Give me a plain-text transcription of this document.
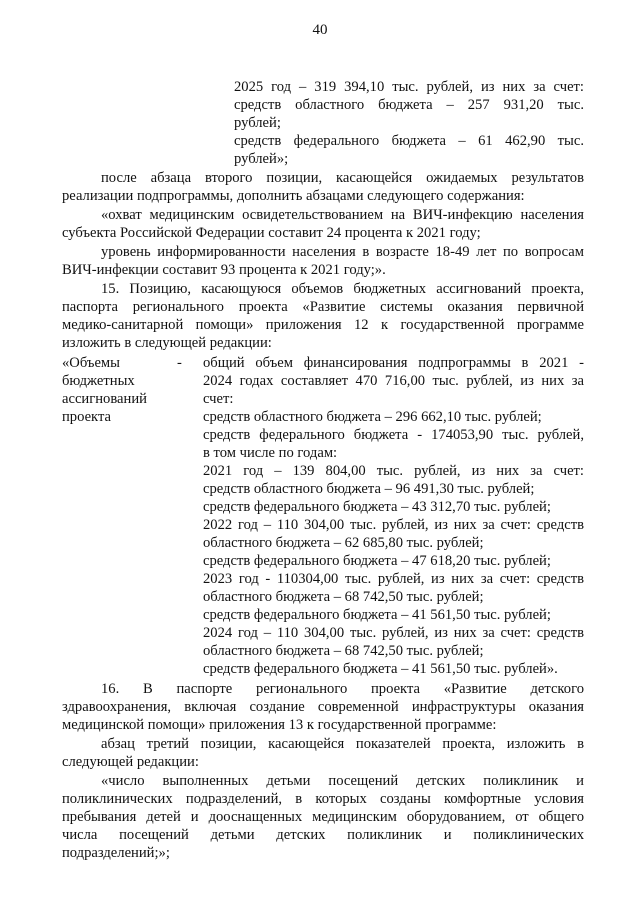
40
2025 год – 319 394,10 тыс. рублей, из них за счет:
средств областного бюджета – 257 931,20 тыс.
рублей;
средств федерального бюджета – 61 462,90 тыс.
рублей»;
после абзаца второго позиции, касающейся ожидаемых результатов
реализации подпрограммы, дополнить абзацами следующего содержания:
«охват медицинским освидетельствованием на ВИЧ-инфекцию населения
субъекта Российской Федерации составит 24 процента к 2021 году;
уровень информированности населения в возрасте 18-49 лет по вопросам
ВИЧ-инфекции составит 93 процента к 2021 году;».
15. Позицию, касающуюся объемов бюджетных ассигнований проекта,
паспорта регионального проекта «Развитие системы оказания первичной
медико-санитарной помощи» приложения 12 к государственной программе
изложить в следующей редакции:
«Объемы
бюджетных
ассигнований
проекта
- общий объем финансирования подпрограммы в 2021 -
2024 годах составляет 470 716,00 тыс. рублей, из них за
счет:
средств областного бюджета – 296 662,10 тыс. рублей;
средств федерального бюджета - 174053,90 тыс. рублей,
в том числе по годам:
2021 год – 139 804,00 тыс. рублей, из них за счет:
средств областного бюджета – 96 491,30 тыс. рублей;
средств федерального бюджета – 43 312,70 тыс. рублей;
2022 год – 110 304,00 тыс. рублей, из них за счет: средств
областного бюджета – 62 685,80 тыс. рублей;
средств федерального бюджета – 47 618,20 тыс. рублей;
2023 год - 110304,00 тыс. рублей, из них за счет: средств
областного бюджета – 68 742,50 тыс. рублей;
средств федерального бюджета – 41 561,50 тыс. рублей;
2024 год – 110 304,00 тыс. рублей, из них за счет: средств
областного бюджета – 68 742,50 тыс. рублей;
средств федерального бюджета – 41 561,50 тыс. рублей».
16. В паспорте регионального проекта «Развитие детского
здравоохранения, включая создание современной инфраструктуры оказания
медицинской помощи» приложения 13 к государственной программе:
абзац третий позиции, касающейся показателей проекта, изложить в
следующей редакции:
«число выполненных детьми посещений детских поликлиник и
поликлинических подразделений, в которых созданы комфортные условия
пребывания детей и дооснащенных медицинским оборудованием, от общего
числа посещений детьми детских поликлиник и поликлинических
подразделений;»;
